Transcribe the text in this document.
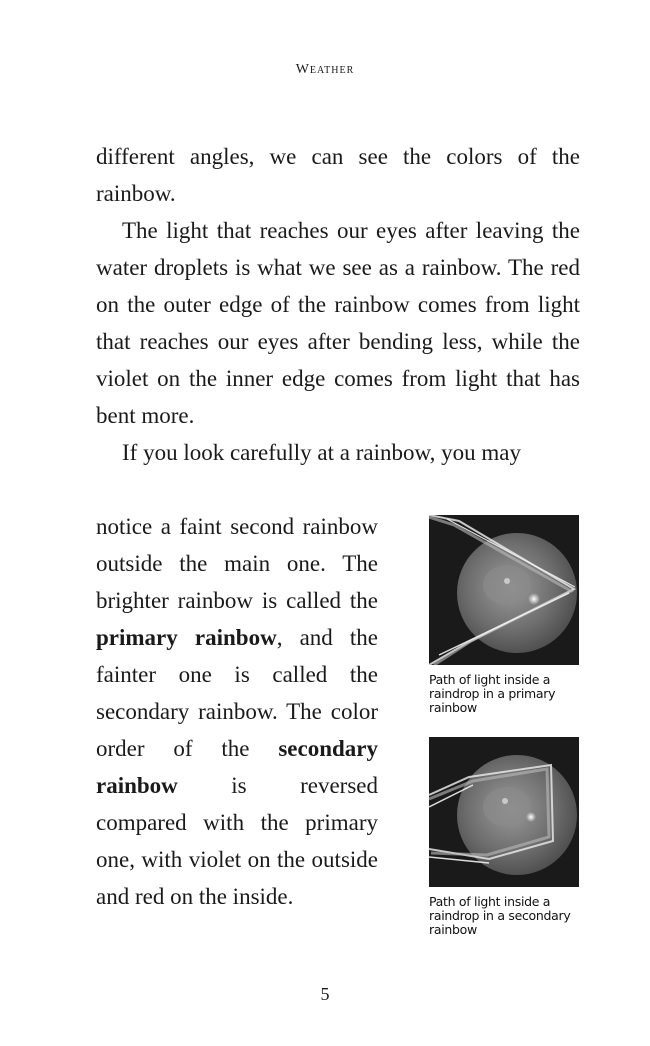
Weather

different angles, we can see the colors of the rainbow.

The light that reaches our eyes after leaving the water droplets is what we see as a rainbow. The red on the outer edge of the rainbow comes from light that reaches our eyes after bending less, while the violet on the inner edge comes from light that has bent more.

If you look carefully at a rainbow, you may

notice a faint second rainbow outside the main one. The brighter rainbow is called the primary rainbow, and the fainter one is called the secondary rainbow. The color order of the secondary rainbow is reversed compared with the primary one, with violet on the outside and red on the inside.
Path of light inside a raindrop in a primary rainbow
Path of light inside a raindrop in a secondary rainbow
5
